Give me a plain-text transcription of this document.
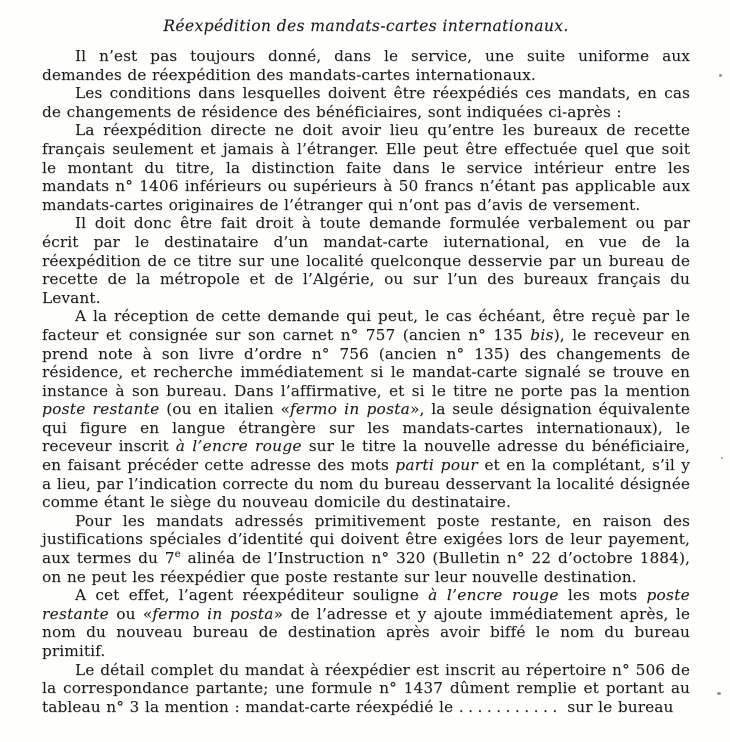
Réexpédition des mandats-cartes internationaux.

Il n’est pas toujours donné, dans le service, une suite uniforme aux demandes de réexpédition des mandats-cartes internationaux.

Les conditions dans lesquelles doivent être réexpédiés ces mandats, en cas de changements de résidence des bénéficiaires, sont indiquées ci-après :

La réexpédition directe ne doit avoir lieu qu’entre les bureaux de recette français seulement et jamais à l’étranger. Elle peut être effectuée quel que soit le montant du titre, la distinction faite dans le service intérieur entre les mandats n° 1406 inférieurs ou supérieurs à 50 francs n’étant pas applicable aux mandats-cartes originaires de l’étranger qui n’ont pas d’avis de versement.

Il doit donc être fait droit à toute demande formulée verbalement ou par écrit par le destinataire d’un mandat-carte iuternational, en vue de la réexpédition de ce titre sur une localité quelconque desservie par un bureau de recette de la métropole et de l’Algérie, ou sur l’un des bureaux français du Levant.

A la réception de cette demande qui peut, le cas échéant, être reçuè par le facteur et consignée sur son carnet n° 757 (ancien n° 135 bis), le receveur en prend note à son livre d’ordre n° 756 (ancien n° 135) des changements de résidence, et recherche immédiatement si le mandat-carte signalé se trouve en instance à son bureau. Dans l’affirmative, et si le titre ne porte pas la mention poste restante (ou en italien «fermo in posta», la seule désignation équivalente qui figure en langue étrangère sur les mandats-cartes internationaux), le receveur inscrit à l’encre rouge sur le titre la nouvelle adresse du bénéficiaire, en faisant précéder cette adresse des mots parti pour et en la complétant, s’il y a lieu, par l’indication correcte du nom du bureau desservant la localité désignée comme étant le siège du nouveau domicile du destinataire.

Pour les mandats adressés primitivement poste restante, en raison des justifications spéciales d’identité qui doivent être exigées lors de leur payement, aux termes du 7e alinéa de l’Instruction n° 320 (Bulletin n° 22 d’octobre 1884), on ne peut les réexpédier que poste restante sur leur nouvelle destination.

A cet effet, l’agent réexpéditeur souligne à l’encre rouge les mots poste restante ou «fermo in posta» de l’adresse et y ajoute immédiatement après, le nom du nouveau bureau de destination après avoir biffé le nom du bureau primitif.

Le détail complet du mandat à réexpédier est inscrit au répertoire n° 506 de la correspondance partante; une formule n° 1437 dûment remplie et portant au tableau n° 3 la mention : mandat-carte réexpédié le ........... sur le bureau
